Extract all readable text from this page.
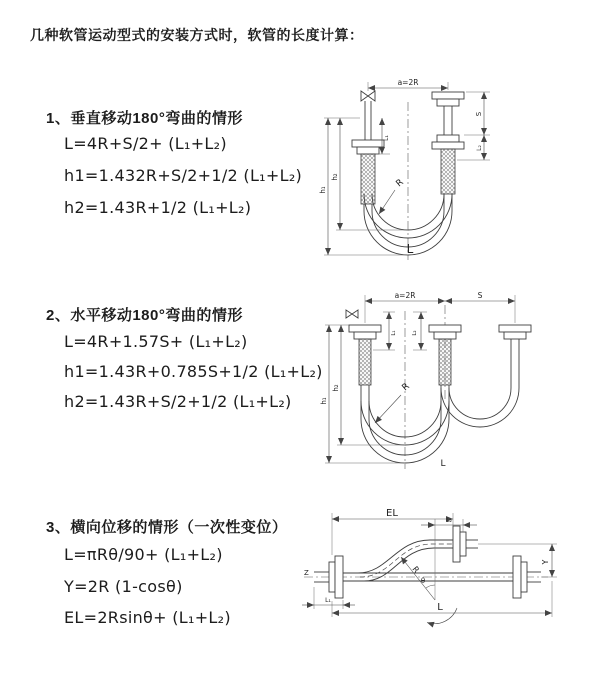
几种软管运动型式的安装方式时，软管的长度计算：
1、垂直移动180°弯曲的情形
L=4R+S/2+ (L₁+L₂)
h1=1.432R+S/2+1/2 (L₁+L₂)
h2=1.43R+1/2 (L₁+L₂)
2、水平移动180°弯曲的情形
L=4R+1.57S+ (L₁+L₂)
h1=1.43R+0.785S+1/2 (L₁+L₂)
h2=1.43R+S/2+1/2 (L₁+L₂)
3、横向位移的情形（一次性变位）
L=πRθ/90+ (L₁+L₂)
Y=2R (1-cosθ)
EL=2Rsinθ+ (L₁+L₂)
a=2R
h₁
h₂
L₁
S
L₂
R
L
a=2R	S
h₁
h₂
L₁	L₂
R
L
Z
EL
L₂
R
θ
Y
L
L₁
